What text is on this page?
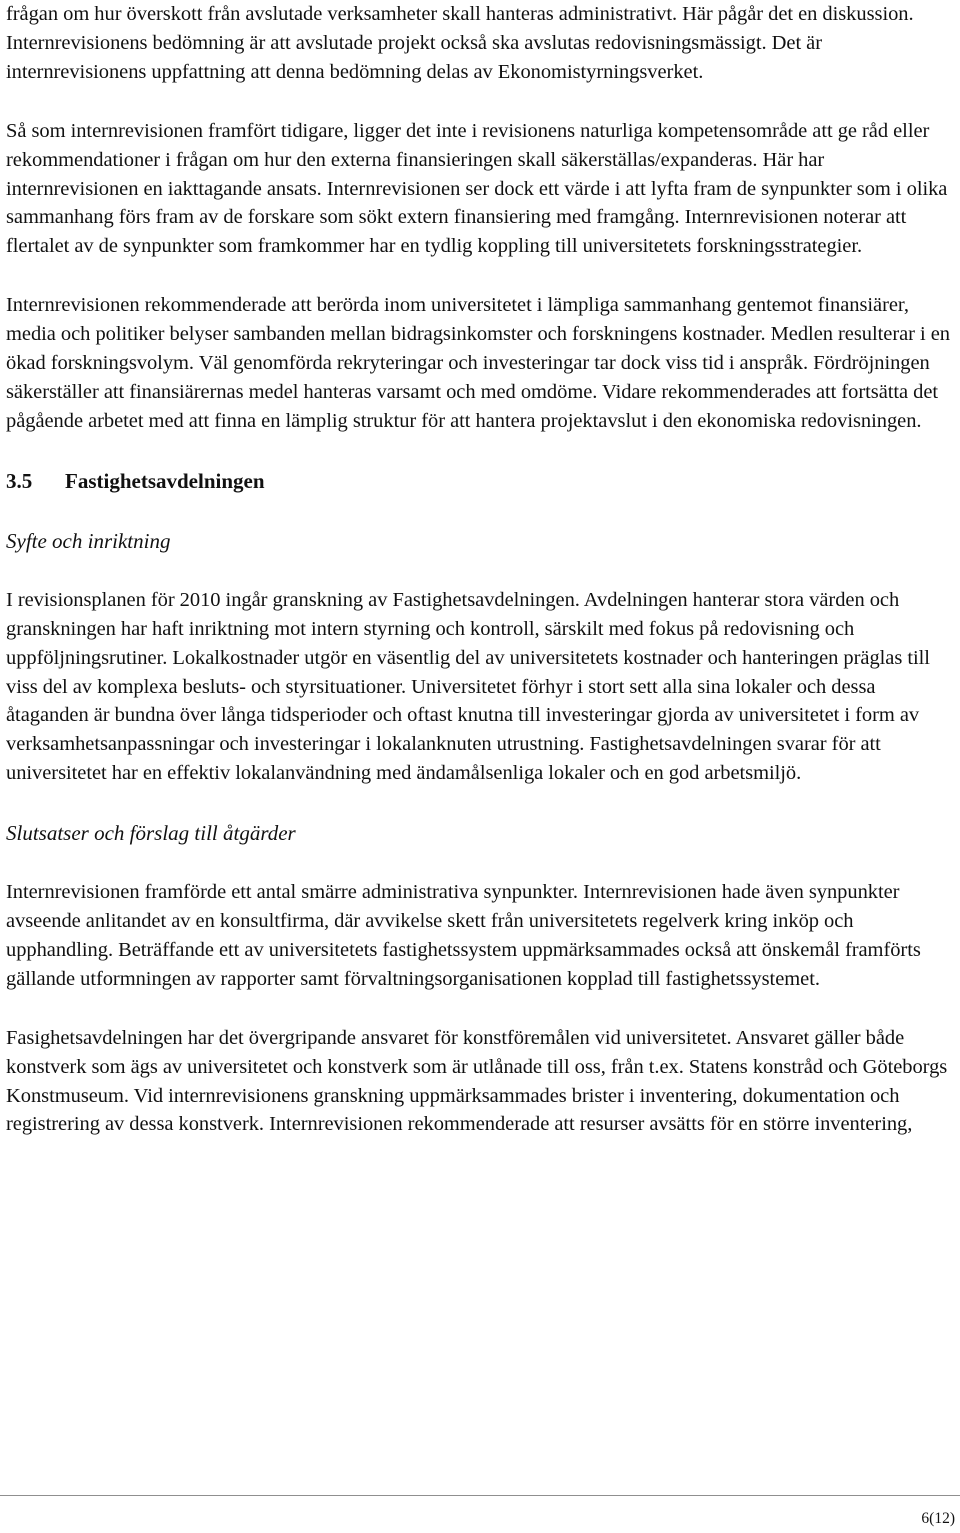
frågan om hur överskott från avslutade verksamheter skall hanteras administrativt. Här pågår det en diskussion. Internrevisionens bedömning är att avslutade projekt också ska avslutas redovisningsmässigt. Det är internrevisionens uppfattning att denna bedömning delas av Ekonomistyrningsverket.

Så som internrevisionen framfört tidigare, ligger det inte i revisionens naturliga kompetensområde att ge råd eller rekommendationer i frågan om hur den externa finansieringen skall säkerställas/expanderas. Här har internrevisionen en iakttagande ansats. Internrevisionen ser dock ett värde i att lyfta fram de synpunkter som i olika sammanhang förs fram av de forskare som sökt extern finansiering med framgång. Internrevisionen noterar att flertalet av de synpunkter som framkommer har en tydlig koppling till universitetets forskningsstrategier.

Internrevisionen rekommenderade att berörda inom universitetet i lämpliga sammanhang gentemot finansiärer, media och politiker belyser sambanden mellan bidragsinkomster och forskningens kostnader. Medlen resulterar i en ökad forskningsvolym. Väl genomförda rekryteringar och investeringar tar dock viss tid i anspråk. Fördröjningen säkerställer att finansiärernas medel hanteras varsamt och med omdöme. Vidare rekommenderades att fortsätta det pågående arbetet med att finna en lämplig struktur för att hantera projektavslut i den ekonomiska redovisningen.

3.5	Fastighetsavdelningen
Syfte och inriktning

I revisionsplanen för 2010 ingår granskning av Fastighetsavdelningen. Avdelningen hanterar stora värden och granskningen har haft inriktning mot intern styrning och kontroll, särskilt med fokus på redovisning och uppföljningsrutiner. Lokalkostnader utgör en väsentlig del av universitetets kostnader och hanteringen präglas till viss del av komplexa besluts- och styrsituationer. Universitetet förhyr i stort sett alla sina lokaler och dessa åtaganden är bundna över långa tidsperioder och oftast knutna till investeringar gjorda av universitetet i form av verksamhetsanpassningar och investeringar i lokalanknuten utrustning. Fastighetsavdelningen svarar för att universitetet har en effektiv lokalanvändning med ändamålsenliga lokaler och en god arbetsmiljö.

Slutsatser och förslag till åtgärder

Internrevisionen framförde ett antal smärre administrativa synpunkter. Internrevisionen hade även synpunkter avseende anlitandet av en konsultfirma, där avvikelse skett från universitetets regelverk kring inköp och upphandling. Beträffande ett av universitetets fastighetssystem uppmärksammades också att önskemål framförts gällande utformningen av rapporter samt förvaltningsorganisationen kopplad till fastighetssystemet.

Fasighetsavdelningen har det övergripande ansvaret för konstföremålen vid universitetet. Ansvaret gäller både konstverk som ägs av universitetet och konstverk som är utlånade till oss, från t.ex. Statens konstråd och Göteborgs Konstmuseum. Vid internrevisionens granskning uppmärksammades brister i inventering, dokumentation och registrering av dessa konstverk. Internrevisionen rekommenderade att resurser avsätts för en större inventering,

6(12)
